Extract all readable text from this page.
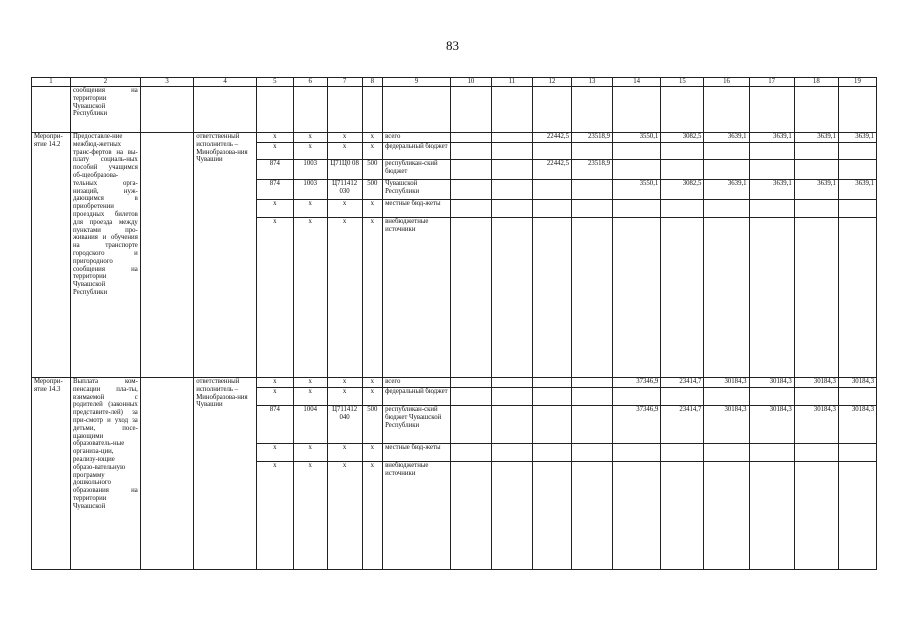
83
1	2	3	4	5	6	7	8	9	10	11	12	13	14	15	16	17	18	19
	сообщения на территории Чувашской Республики																	
Меропри-ятие 14.2	Предоставле-ние межбюд-жетных транс-фертов на вы-плату социаль-ных пособий учащимся об-щеобразова-тельных орга-низаций, нуж-дающимся в приобретении проездных билетов для проезда между пунктами про-живания и обучения на транспорте городского и пригородного сообщения на территории Чувашской Республики		ответственный исполнитель – Минобразова-ния Чувашии	x	x	x	x	всего			22442,5	23518,9	3550,1	3082,5	3639,1	3639,1	3639,1	3639,1
				x	x	x	x	федеральный бюджет										
				874	1003	Ц71Ц0 08	500	республикан-ский бюджет			22442,5	23518,9						
				874	1003	Ц711412 030	500	Чувашской Республики					3550,1	3082,5	3639,1	3639,1	3639,1	3639,1
				x	x	x	x	местные бюд-жеты										
				x	x	x	x	внебюджетные источники										
Меропри-ятие 14.3	Выплата ком-пенсации пла-ты, взимаемой с родителей (законных представите-лей) за при-смотр и уход за детьми, посе-щающими образователь-ные организа-ции, реализу-ющие образо-вательную программу дошкольного образования на территории Чувашской		ответственный исполнитель – Минобразова-ния Чувашии	x	x	x	x	всего					37346,9	23414,7	30184,3	30184,3	30184,3	30184,3
				x	x	x	x	федеральный бюджет										
				874	1004	Ц711412 040	500	республикан-ский бюджет Чувашской Республики					37346,9	23414,7	30184,3	30184,3	30184,3	30184,3
				x	x	x	x	местные бюд-жеты										
				x	x	x	x	внебюджетные источники										
